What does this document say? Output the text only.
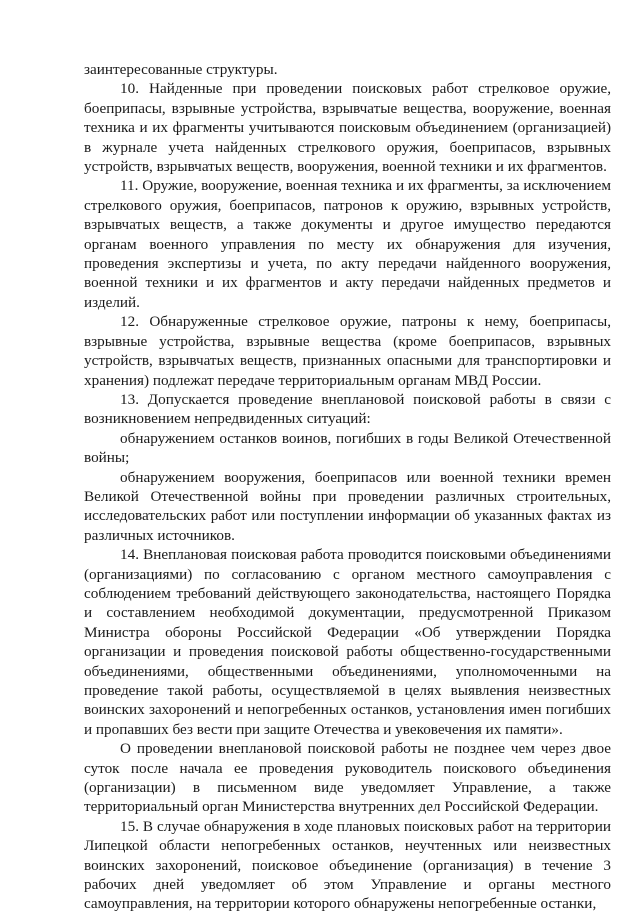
заинтересованные структуры.

10. Найденные при проведении поисковых работ стрелковое оружие, боеприпасы, взрывные устройства, взрывчатые вещества, вооружение, военная техника и их фрагменты учитываются поисковым объединением (организацией) в журнале учета найденных стрелкового оружия, боеприпасов, взрывных устройств, взрывчатых веществ, вооружения, военной техники и их фрагментов.

11. Оружие, вооружение, военная техника и их фрагменты, за исключением стрелкового оружия, боеприпасов, патронов к оружию, взрывных устройств, взрывчатых веществ, а также документы и другое имущество передаются органам военного управления по месту их обнаружения для изучения, проведения экспертизы и учета, по акту передачи найденного вооружения, военной техники и их фрагментов и акту передачи найденных предметов и изделий.

12. Обнаруженные стрелковое оружие, патроны к нему, боеприпасы, взрывные устройства, взрывные вещества (кроме боеприпасов, взрывных устройств, взрывчатых веществ, признанных опасными для транспортировки и хранения) подлежат передаче территориальным органам МВД России.

13. Допускается проведение внеплановой поисковой работы в связи с возникновением непредвиденных ситуаций:

обнаружением останков воинов, погибших в годы Великой Отечественной войны;

обнаружением вооружения, боеприпасов или военной техники времен Великой Отечественной войны при проведении различных строительных, исследовательских работ или поступлении информации об указанных фактах из различных источников.

14. Внеплановая поисковая работа проводится поисковыми объединениями (организациями) по согласованию с органом местного самоуправления с соблюдением требований действующего законодательства, настоящего Порядка и составлением необходимой документации, предусмотренной Приказом Министра обороны Российской Федерации «Об утверждении Порядка организации и проведения поисковой работы общественно-государственными объединениями, общественными объединениями, уполномоченными на проведение такой работы, осуществляемой в целях выявления неизвестных воинских захоронений и непогребенных останков, установления имен погибших и пропавших без вести при защите Отечества и увековечения их памяти».

О проведении внеплановой поисковой работы не позднее чем через двое суток после начала ее проведения руководитель поискового объединения (организации) в письменном виде уведомляет Управление, а также территориальный орган Министерства внутренних дел Российской Федерации.

15. В случае обнаружения в ходе плановых поисковых работ на территории Липецкой области непогребенных останков, неучтенных или неизвестных воинских захоронений, поисковое объединение (организация) в течение 3 рабочих дней уведомляет об этом Управление и органы местного самоуправления, на территории которого обнаружены непогребенные останки,
